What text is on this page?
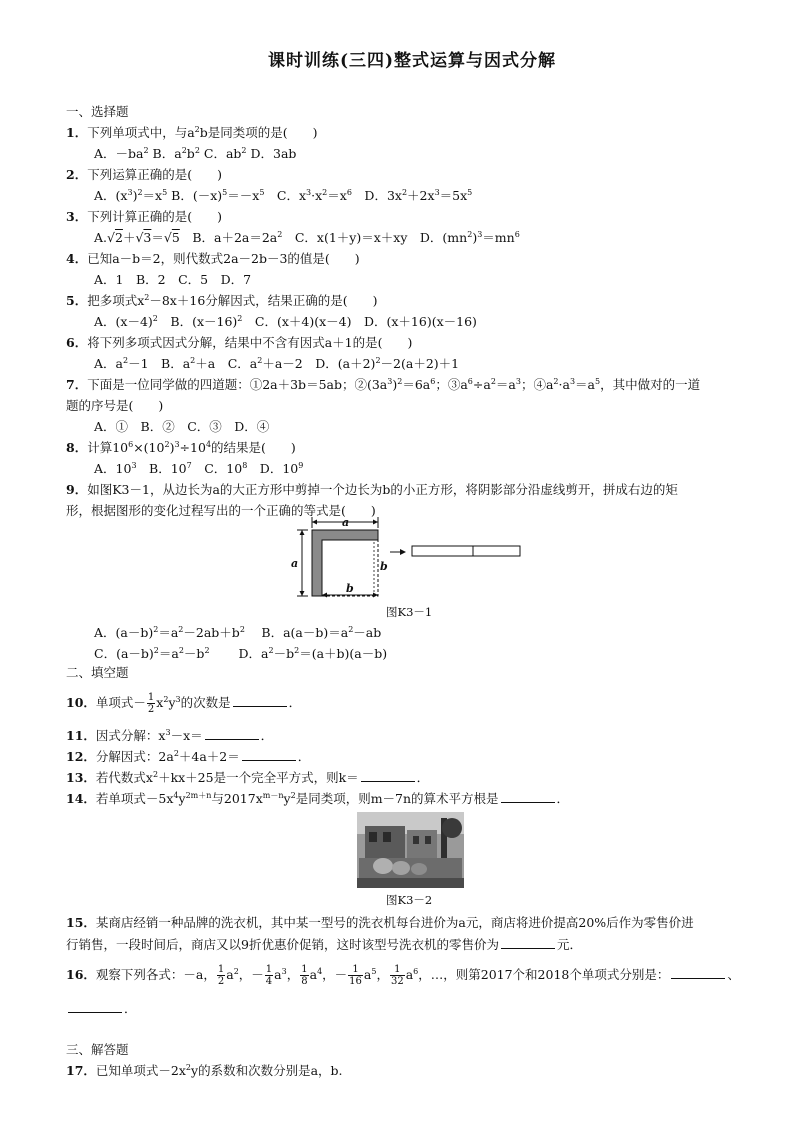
课时训练(三四)整式运算与因式分解
一、选择题
1．下列单项式中，与$a^2b$是同类项的是(　　)
A．$-ba^2$ B．$a^2b^2$ C．$ab^2$ D．3ab
2．下列运算正确的是(　　)
A．$(x^3)^2=x^5$ B．$(-x)^5=-x^5$　C．$x^3\cdot x^2=x^6$　D．$3x^2+2x^3=5x^5$
3．下列计算正确的是(　　)
A.√2＋√3＝√5　B．$a+2a=2a^2$　C．x(1＋y)＝x＋xy　D．$(mn^2)^3=mn^6$
4．已知a－b＝2，则代数式2a－2b－3的值是(　　)
A．1　B．2　C．5　D．7
5．把多项式$x^2-8x+16$分解因式，结果正确的是(　　)
A．$(x-4)^2$　B．$(x-16)^2$　C．(x＋4)(x－4)　D．(x＋16)(x－16)
6．将下列多项式因式分解，结果中不含有因式a＋1的是(　　)
A．$a^2-1$　B．$a^2+a$　C．$a^2+a-2$　D．$(a+2)^2-2(a+2)+1$
7．下面是一位同学做的四道题：①2a＋3b＝5ab；$②(3a^3)^2=6a^6$；$③a^6\div a^2=a^3$；$④a^2\cdot a^3=a^5$，其中做对的一道
题的序号是(　　)
A．①　B．②　C．③　D．④
8．计算$10^6\times(10^2)^3\div 10^4$的结果是(　　)
A．$10^3$　B．$10^7$　C．$10^8$　D．$10^9$
9．如图K3－1，从边长为a的大正方形中剪掉一个边长为b的小正方形，将阴影部分沿虚线剪开，拼成右边的矩
形，根据图形的变化过程写出的一个正确的等式是(　　)
a
a	b
b
图K3－1
A．$(a-b)^2=a^2-2ab+b^2$　 B．$a(a-b)=a^2-ab$
C．$(a-b)^2=a^2-b^2$　　 D．$a^2-b^2=(a+b)(a-b)$
二、填空题
10．单项式－ $\frac{1}{2} x^2y^3$的次数是	．
11．因式分解：$x^3-x=$	．
12．分解因式：$2a^2+4a+2=$	．
13．若代数式$x^2+kx+25$是一个完全平方式，则k＝	．
14．若单项式$-5x^4y^{2m+n}$与$2017x^{m-n}y^2$是同类项，则m－7n的算术平方根是	．
图K3－2
15．某商店经销一种品牌的洗衣机，其中某一型号的洗衣机每台进价为a元，商店将进价提高20%后作为零售价进
行销售，一段时间后，商店又以9折优惠价促销，这时该型号洗衣机的零售价为	元．
16．观察下列各式：－a， $\frac{1}{2} a^2$，－ $\frac{1}{4} a^3$， $\frac{1}{8} a^4$，－ $\frac{1}{16} a^5$， $\frac{1}{32} a^6$，…，则第2017个和2018个单项式分别是：	、
．
三、解答题
17．已知单项式$-2x^2y$的系数和次数分别是a，b.
